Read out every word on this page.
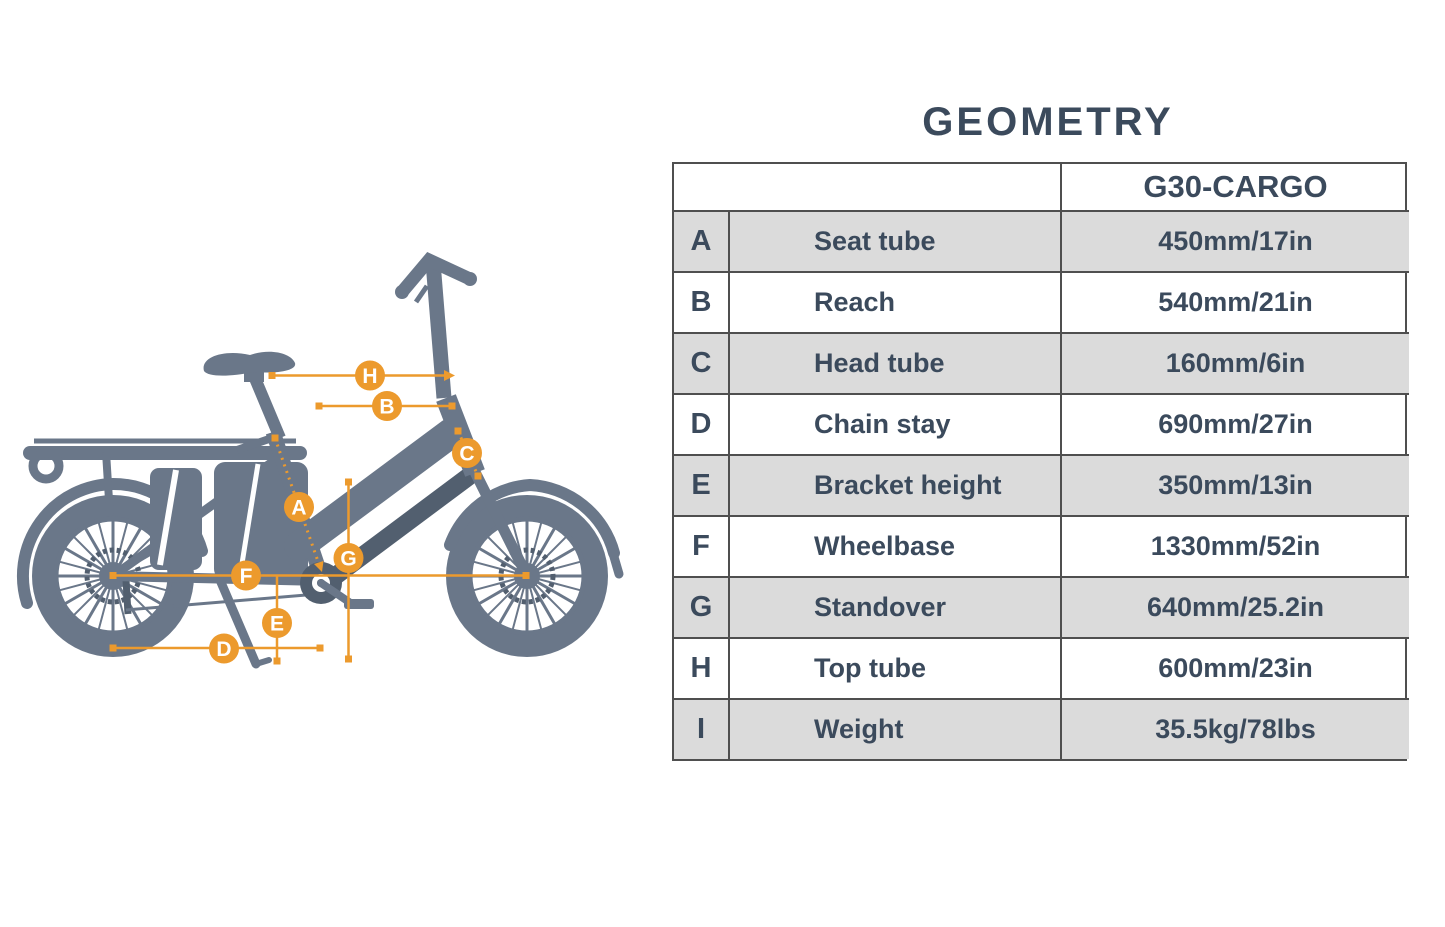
H
B
C
A
G
F
E
D
GEOMETRY
G30-CARGO
A	Seat tube	450mm/17in
B	Reach	540mm/21in
C	Head tube	160mm/6in
D	Chain stay	690mm/27in
E	Bracket height	350mm/13in
F	Wheelbase	1330mm/52in
G	Standover	640mm/25.2in
H	Top tube	600mm/23in
I	Weight	35.5kg/78lbs
